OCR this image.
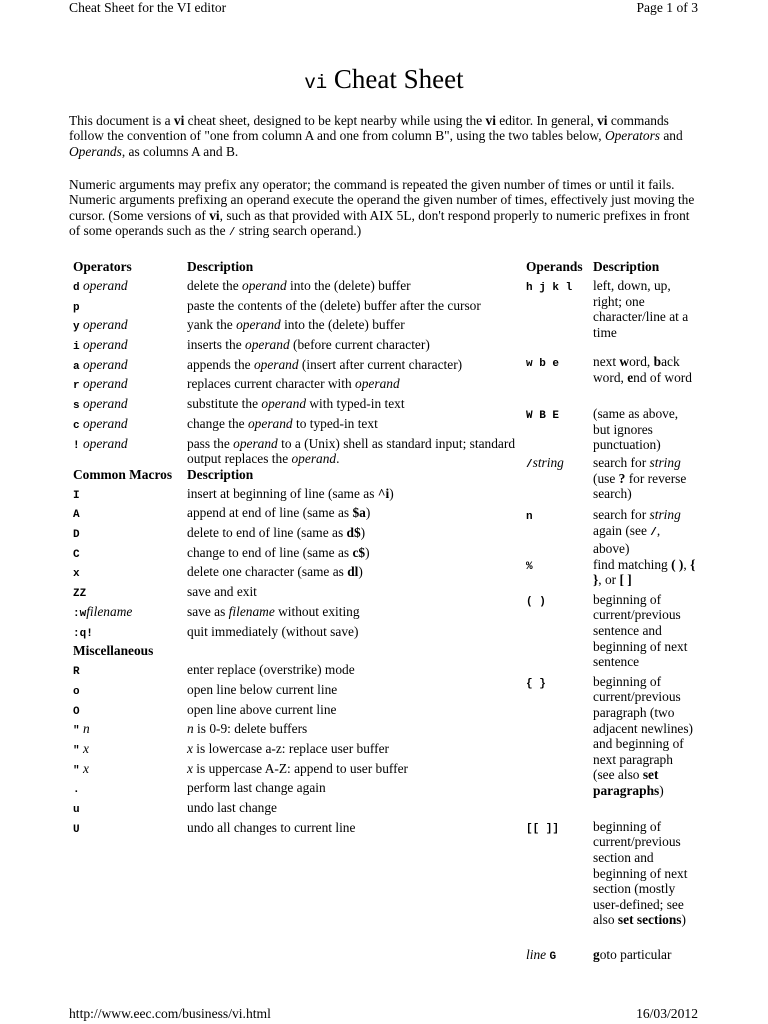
Cheat Sheet for the VI editor	Page 1 of 3
vi Cheat Sheet
This document is a vi cheat sheet, designed to be kept nearby while using the vi editor. In general, vi commands follow the convention of "one from column A and one from column B", using the two tables below, Operators and Operands, as columns A and B.
Numeric arguments may prefix any operator; the command is repeated the given number of times or until it fails. Numeric arguments prefixing an operand execute the operand the given number of times, effectively just moving the cursor. (Some versions of vi, such as that provided with AIX 5L, don't respond properly to numeric prefixes in front of some operands such as the / string search operand.)
Operators	Description
d operand	delete the operand into the (delete) buffer
p	paste the contents of the (delete) buffer after the cursor
y operand	yank the operand into the (delete) buffer
i operand	inserts the operand (before current character)
a operand	appends the operand (insert after current character)
r operand	replaces current character with operand
s operand	substitute the operand with typed-in text
c operand	change the operand to typed-in text
! operand	pass the operand to a (Unix) shell as standard input; standard output replaces the operand.
Common Macros	Description
I	insert at beginning of line (same as ^i)
A	append at end of line (same as $a)
D	delete to end of line (same as d$)
C	change to end of line (same as c$)
x	delete one character (same as dl)
ZZ	save and exit
:wfilename	save as filename without exiting
:q!	quit immediately (without save)
Miscellaneous	
R	enter replace (overstrike) mode
o	open line below current line
O	open line above current line
" n	n is 0-9: delete buffers
" x	x is lowercase a-z: replace user buffer
" x	x is uppercase A-Z: append to user buffer
.	perform last change again
u	undo last change
U	undo all changes to current line
Operands	Description
h j k l	left, down, up, right; one character/line at a time
w b e	next word, back word, end of word
W B E	(same as above, but ignores punctuation)
/string	search for string (use ? for reverse search)
n	search for string again (see /, above)
%	find matching ( ), { }, or [ ]
( )	beginning of current/previous sentence and beginning of next sentence
{ }	beginning of current/previous paragraph (two adjacent newlines) and beginning of next paragraph (see also set paragraphs)
[[ ]]	beginning of current/previous section and beginning of next section (mostly user-defined; see also set sections)
line G	goto particular
http://www.eec.com/business/vi.html	16/03/2012
